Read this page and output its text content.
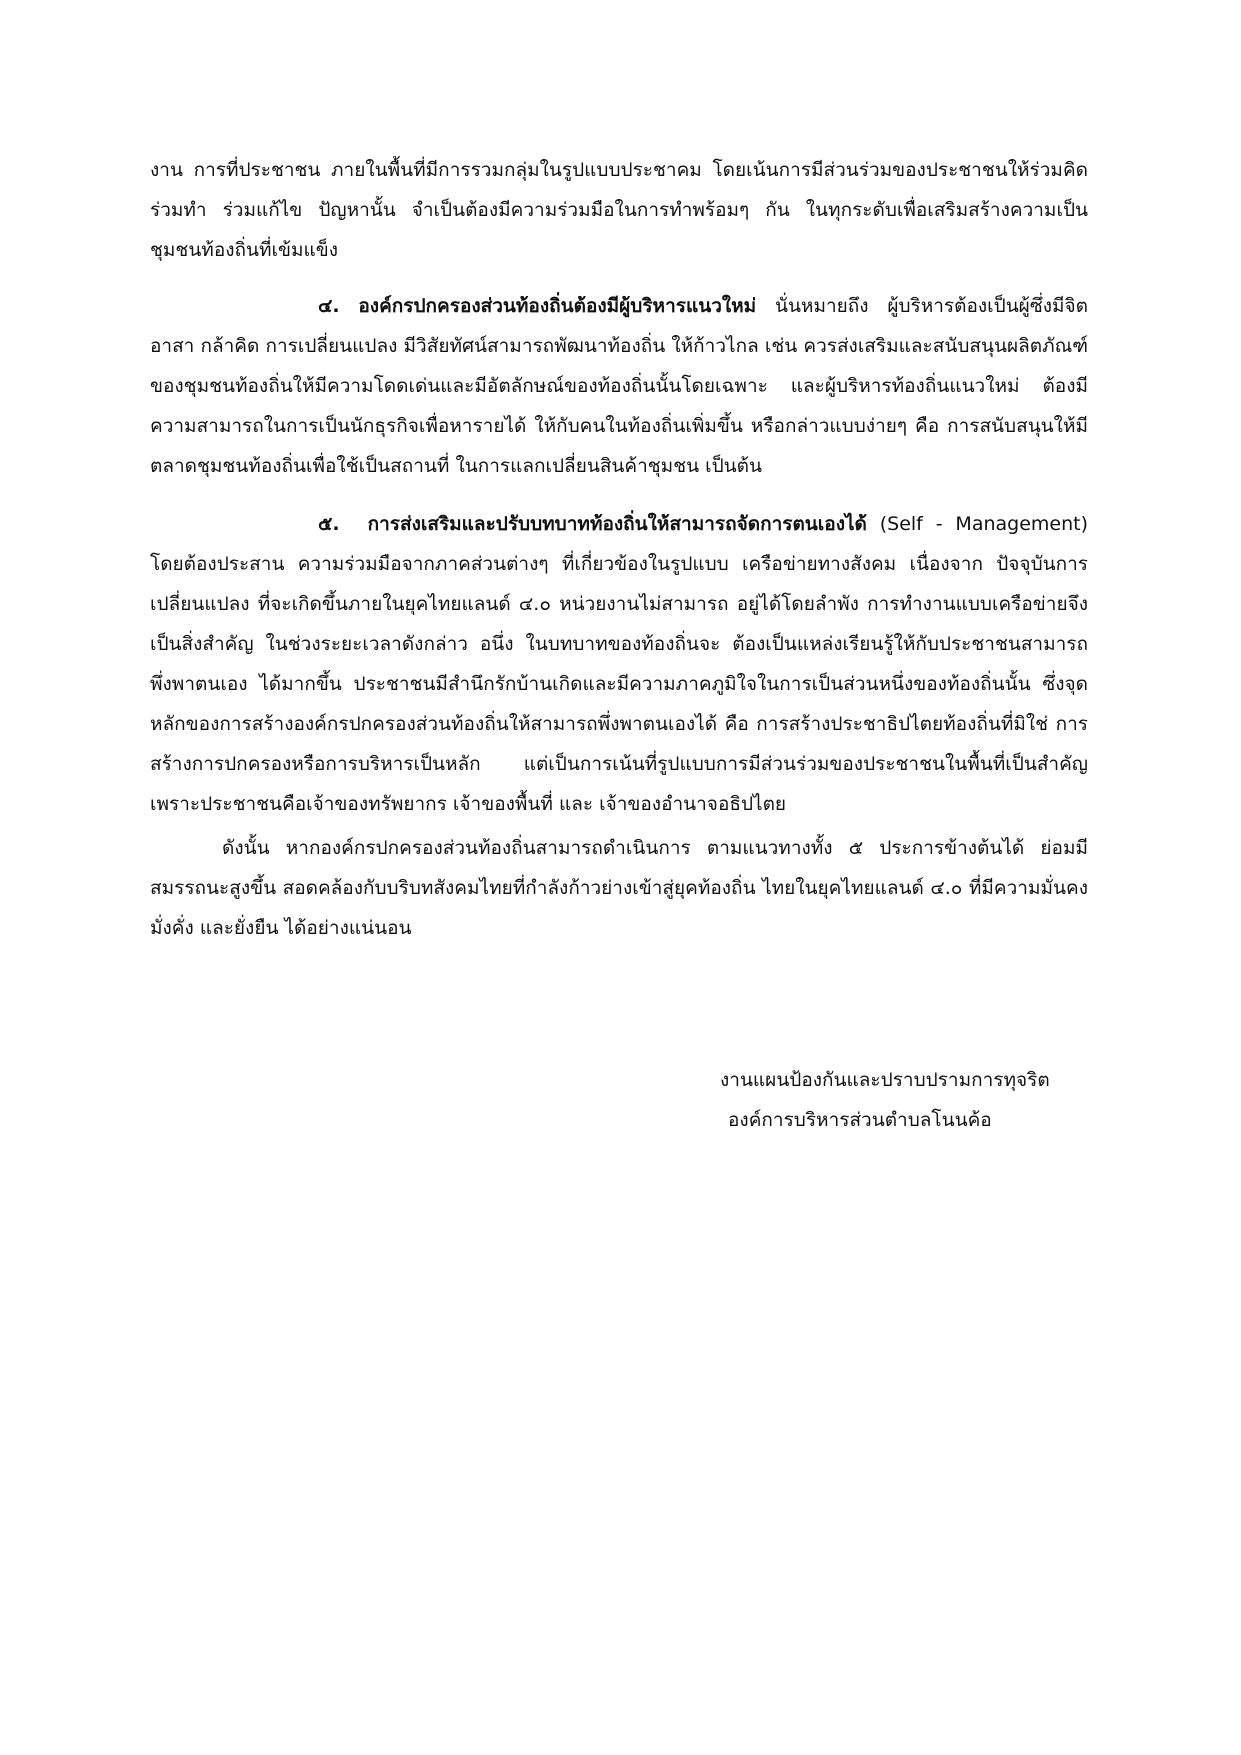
งาน การที่ประชาชน ภายในพื้นที่มีการรวมกลุ่มในรูปแบบประชาคม โดยเน้นการมีส่วนร่วมของประชาชนให้ร่วมคิด ร่วมทำ ร่วมแก้ไข ปัญหานั้น จำเป็นต้องมีความร่วมมือในการทำพร้อมๆ กัน ในทุกระดับเพื่อเสริมสร้างความเป็นชุมชนท้องถิ่นที่เข้มแข็ง

๔. องค์กรปกครองส่วนท้องถิ่นต้องมีผู้บริหารแนวใหม่ นั่นหมายถึง ผู้บริหารต้องเป็นผู้ซึ่งมีจิตอาสา กล้าคิด การเปลี่ยนแปลง มีวิสัยทัศน์สามารถพัฒนาท้องถิ่น ให้ก้าวไกล เช่น ควรส่งเสริมและสนับสนุนผลิตภัณฑ์ของชุมชนท้องถิ่นให้มีความโดดเด่นและมีอัตลักษณ์ของท้องถิ่นนั้นโดยเฉพาะ และผู้บริหารท้องถิ่นแนวใหม่ ต้องมีความสามารถในการเป็นนักธุรกิจเพื่อหารายได้ ให้กับคนในท้องถิ่นเพิ่มขึ้น หรือกล่าวแบบง่ายๆ คือ การสนับสนุนให้มีตลาดชุมชนท้องถิ่นเพื่อใช้เป็นสถานที่ ในการแลกเปลี่ยนสินค้าชุมชน เป็นต้น

๕. การส่งเสริมและปรับบทบาทท้องถิ่นให้สามารถจัดการตนเองได้ (Self - Management) โดยต้องประสาน ความร่วมมือจากภาคส่วนต่างๆ ที่เกี่ยวข้องในรูปแบบ เครือข่ายทางสังคม เนื่องจาก ปัจจุบันการเปลี่ยนแปลง ที่จะเกิดขึ้นภายในยุคไทยแลนด์ ๔.๐ หน่วยงานไม่สามารถ อยู่ได้โดยลำพัง การทำงานแบบเครือข่ายจึงเป็นสิ่งสำคัญ ในช่วงระยะเวลาดังกล่าว อนึ่ง ในบทบาทของท้องถิ่นจะ ต้องเป็นแหล่งเรียนรู้ให้กับประชาชนสามารถพึ่งพาตนเอง ได้มากขึ้น ประชาชนมีสำนึกรักบ้านเกิดและมีความภาคภูมิใจในการเป็นส่วนหนึ่งของท้องถิ่นนั้น ซึ่งจุดหลักของการสร้างองค์กรปกครองส่วนท้องถิ่นให้สามารถพึ่งพาตนเองได้ คือ การสร้างประชาธิปไตยท้องถิ่นที่มิใช่ การสร้างการปกครองหรือการบริหารเป็นหลัก แต่เป็นการเน้นที่รูปแบบการมีส่วนร่วมของประชาชนในพื้นที่เป็นสำคัญ เพราะประชาชนคือเจ้าของทรัพยากร เจ้าของพื้นที่ และ เจ้าของอำนาจอธิปไตย

ดังนั้น หากองค์กรปกครองส่วนท้องถิ่นสามารถดำเนินการ ตามแนวทางทั้ง ๕ ประการข้างต้นได้ ย่อมมีสมรรถนะสูงขึ้น สอดคล้องกับบริบทสังคมไทยที่กำลังก้าวย่างเข้าสู่ยุคท้องถิ่น ไทยในยุคไทยแลนด์ ๔.๐ ที่มีความมั่นคง มั่งคั่ง และยั่งยืน ได้อย่างแน่นอน

งานแผนป้องกันและปราบปรามการทุจริต

องค์การบริหารส่วนตำบลโนนค้อ
